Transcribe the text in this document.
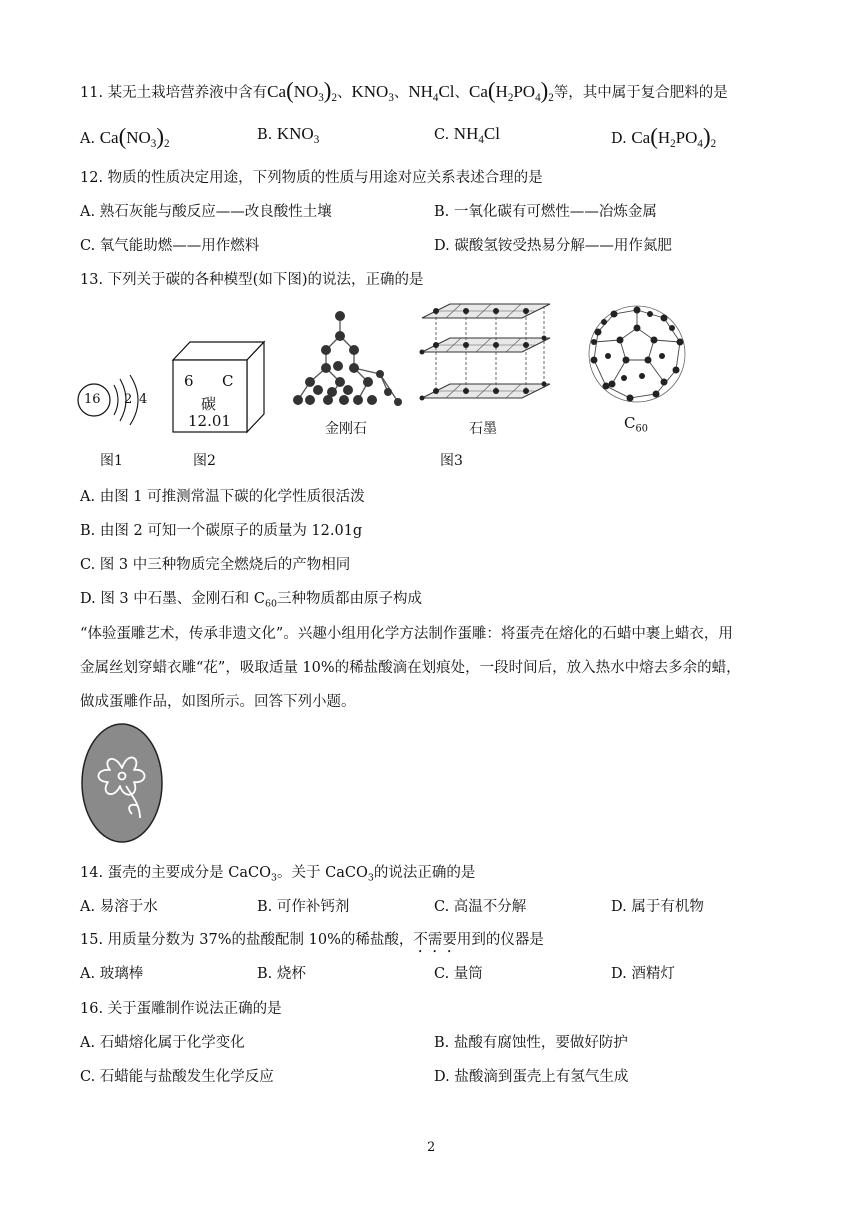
11. 某无土栽培营养液中含有$Ca(NO_3)_2$、$KNO_3$、$NH_4Cl$、$Ca(H_2PO_4)_2$等，其中属于复合肥料的是
A. $Ca(NO_3)_2$
B. $KNO_3$	C. $NH_4Cl$	D. $Ca(H_2PO_4)_2$
12. 物质的性质决定用途，下列物质的性质与用途对应关系表述合理的是
A. 熟石灰能与酸反应——改良酸性土壤	B. 一氧化碳有可燃性——冶炼金属
C. 氧气能助燃——用作燃料	D. 碳酸氢铵受热易分解——用作氮肥
13. 下列关于碳的各种模型(如下图)的说法，正确的是
16 2 4
图1
6 C
碳
12.01
图2
金刚石	石墨	$C_{60}$
图3
A. 由图 1 可推测常温下碳的化学性质很活泼
B. 由图 2 可知一个碳原子的质量为 12.01g
C. 图 3 中三种物质完全燃烧后的产物相同
D. 图 3 中石墨、金刚石和 $C_{60}$三种物质都由原子构成
“体验蛋雕艺术，传承非遗文化”。兴趣小组用化学方法制作蛋雕：将蛋壳在熔化的石蜡中裹上蜡衣，用
金属丝划穿蜡衣雕“花”，吸取适量 10%的稀盐酸滴在划痕处，一段时间后，放入热水中熔去多余的蜡，
做成蛋雕作品，如图所示。回答下列小题。
14. 蛋壳的主要成分是 CaCO$_3$。关于 CaCO$_3$的说法正确的是
A. 易溶于水	B. 可作补钙剂	C. 高温不分解	D. 属于有机物
15. 用质量分数为 37%的盐酸配制 10%的稀盐酸，不需要用到的仪器是
A. 玻璃棒	B. 烧杯	C. 量筒	D. 酒精灯
16. 关于蛋雕制作说法正确的是
A. 石蜡熔化属于化学变化	B. 盐酸有腐蚀性，要做好防护
C. 石蜡能与盐酸发生化学反应	D. 盐酸滴到蛋壳上有氢气生成
2
